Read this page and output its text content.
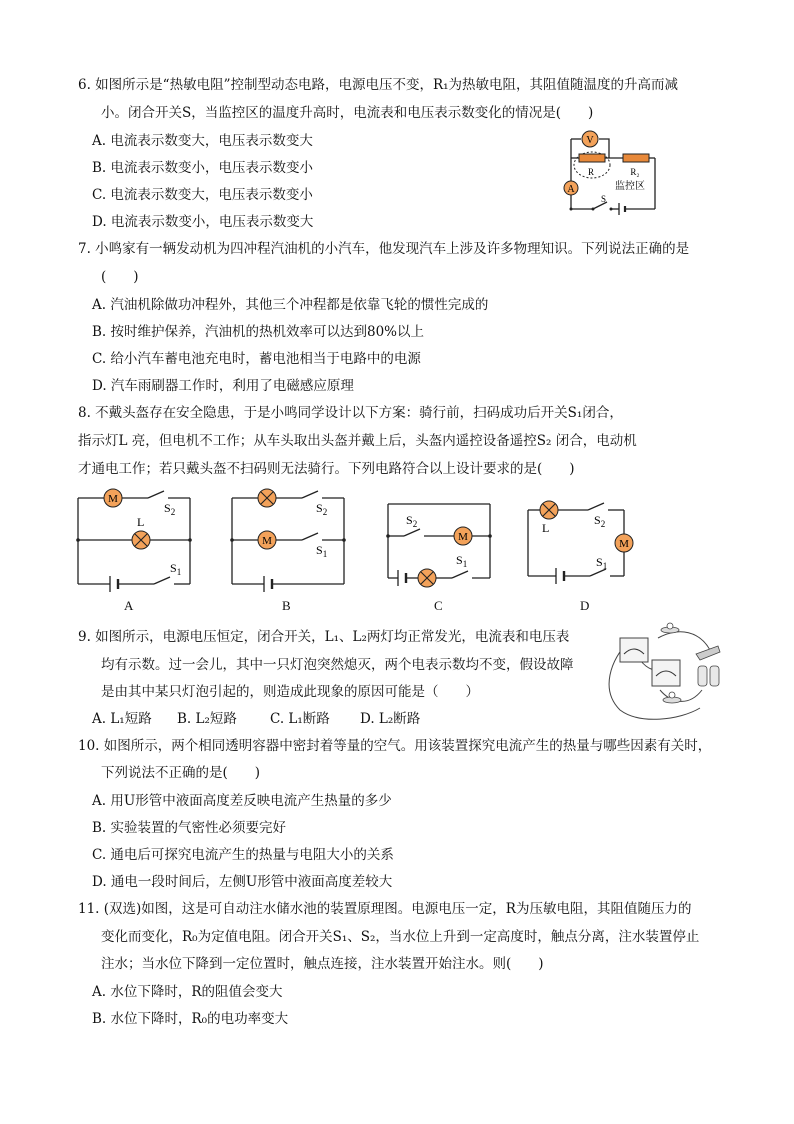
6. 如图所示是“热敏电阻”控制型动态电路，电源电压不变，R₁为热敏电阻，其阻值随温度的升高而减
小。闭合开关S，当监控区的温度升高时，电流表和电压表示数变化的情况是(　　)
A. 电流表示数变大，电压表示数变大
B. 电流表示数变小，电压表示数变小
C. 电流表示数变大，电压表示数变小
D. 电流表示数变小，电压表示数变大
V
A
R	R₂
监控区
S
7. 小鸣家有一辆发动机为四冲程汽油机的小汽车，他发现汽车上涉及许多物理知识。下列说法正确的是
(　　)
A. 汽油机除做功冲程外，其他三个冲程都是依靠飞轮的惯性完成的
B. 按时维护保养，汽油机的热机效率可以达到80%以上
C. 给小汽车蓄电池充电时，蓄电池相当于电路中的电源
D. 汽车雨刷器工作时，利用了电磁感应原理
8. 不戴头盔存在安全隐患，于是小鸣同学设计以下方案：骑行前，扫码成功后开关S₁闭合，
指示灯L 亮，但电机不工作；从车头取出头盔并戴上后，头盔内遥控设备遥控S₂ 闭合，电动机
才通电工作；若只戴头盔不扫码则无法骑行。下列电路符合以上设计要求的是(　　)
M
L
$S_2$
$S_1$
A
M
$S_2$
$S_1$
B
M
$S_2$
$S_1$
C
L
M
$S_2$
$S_1$
D
9. 如图所示，电源电压恒定，闭合开关，L₁、L₂两灯均正常发光，电流表和电压表
均有示数。过一会儿，其中一只灯泡突然熄灭，两个电表示数均不变，假设故障
是由其中某只灯泡引起的，则造成此现象的原因可能是（　　）
A. L₁短路 B. L₂短路 C. L₁断路 D. L₂断路
10. 如图所示，两个相同透明容器中密封着等量的空气。用该装置探究电流产生的热量与哪些因素有关时，
下列说法不正确的是(　　)
A. 用U形管中液面高度差反映电流产生热量的多少
B. 实验装置的气密性必须要完好
C. 通电后可探究电流产生的热量与电阻大小的关系
D. 通电一段时间后，左侧U形管中液面高度差较大
11. (双选)如图，这是可自动注水储水池的装置原理图。电源电压一定，R为压敏电阻，其阻值随压力的
变化而变化，R₀为定值电阻。闭合开关S₁、S₂，当水位上升到一定高度时，触点分离，注水装置停止
注水；当水位下降到一定位置时，触点连接，注水装置开始注水。则(　　)
A. 水位下降时，R的阻值会变大
B. 水位下降时，R₀的电功率变大
